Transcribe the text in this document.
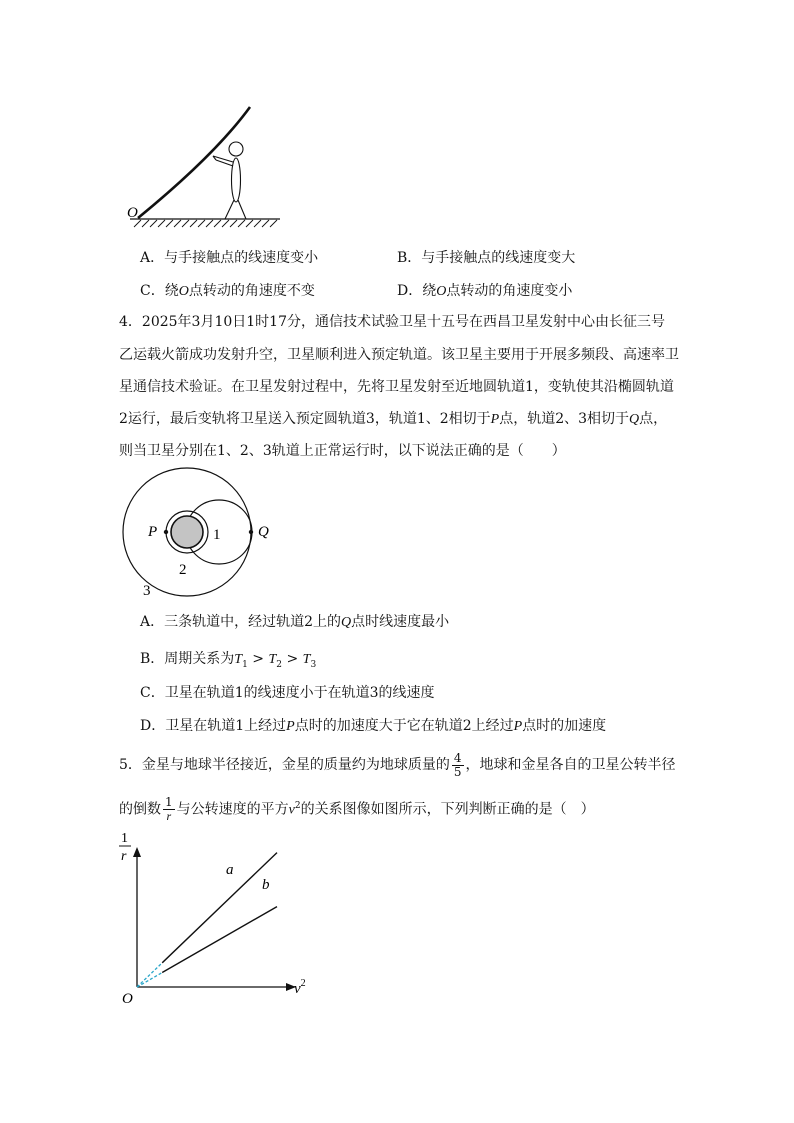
O
A．与手接触点的线速度变小	B．与手接触点的线速度变大
C．绕O点转动的角速度不变	D．绕O点转动的角速度变小
4．2025年3月10日1时17分，通信技术试验卫星十五号在西昌卫星发射中心由长征三号
乙运载火箭成功发射升空，卫星顺利进入预定轨道。该卫星主要用于开展多频段、高速率卫
星通信技术验证。在卫星发射过程中，先将卫星发射至近地圆轨道1，变轨使其沿椭圆轨道
2运行，最后变轨将卫星送入预定圆轨道3，轨道1、2相切于P点，轨道2、3相切于Q点，
则当卫星分别在1、2、3轨道上正常运行时，以下说法正确的是（　　）
P	Q
1
2
3
A．三条轨道中，经过轨道2上的Q点时线速度最小
B．周期关系为$T_1 > T_2 > T_3$
C．卫星在轨道1的线速度小于在轨道3的线速度
D．卫星在轨道1上经过P点时的加速度大于它在轨道2上经过P点时的加速度
5．金星与地球半径接近，金星的质量约为地球质量的 $\frac{4}{5}$ ，地球和金星各自的卫星公转半径
的倒数 $\frac{1}{r}$ 与公转速度的平方$v^2$的关系图像如图所示，下列判断正确的是（　）
1
r
$v^2$
O
a
b
